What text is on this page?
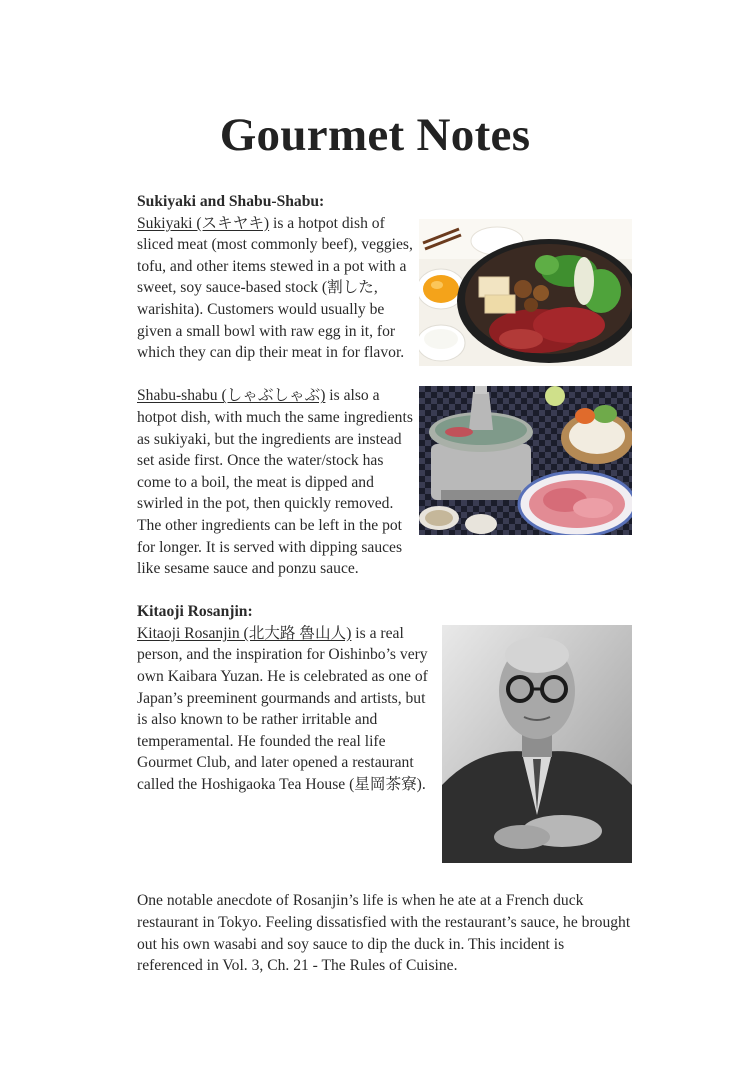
Gourmet Notes
Sukiyaki and Shabu-Shabu:
Sukiyaki (スキヤキ) is a hotpot dish of sliced meat (most commonly beef), veggies, tofu, and other items stewed in a pot with a sweet, soy sauce-based stock (割した, warishita). Customers would usually be given a small bowl with raw egg in it, for which they can dip their meat in for flavor.
Shabu-shabu (しゃぶしゃぶ) is also a hotpot dish, with much the same ingredients as sukiyaki, but the ingredients are instead set aside first. Once the water/stock has come to a boil, the meat is dipped and swirled in the pot, then quickly removed. The other ingredients can be left in the pot for longer. It is served with dipping sauces like sesame sauce and ponzu sauce.
Kitaoji Rosanjin:
Kitaoji Rosanjin (北大路 魯山人) is a real person, and the inspiration for Oishinbo’s very own Kaibara Yuzan. He is celebrated as one of Japan’s preeminent gourmands and artists, but is also known to be rather irritable and temperamental. He founded the real life Gourmet Club, and later opened a restaurant called the Hoshigaoka Tea House (星岡茶寮).
One notable anecdote of Rosanjin’s life is when he ate at a French duck restaurant in Tokyo. Feeling dissatisfied with the restaurant’s sauce, he brought out his own wasabi and soy sauce to dip the duck in. This incident is referenced in Vol. 3, Ch. 21 - The Rules of Cuisine.
